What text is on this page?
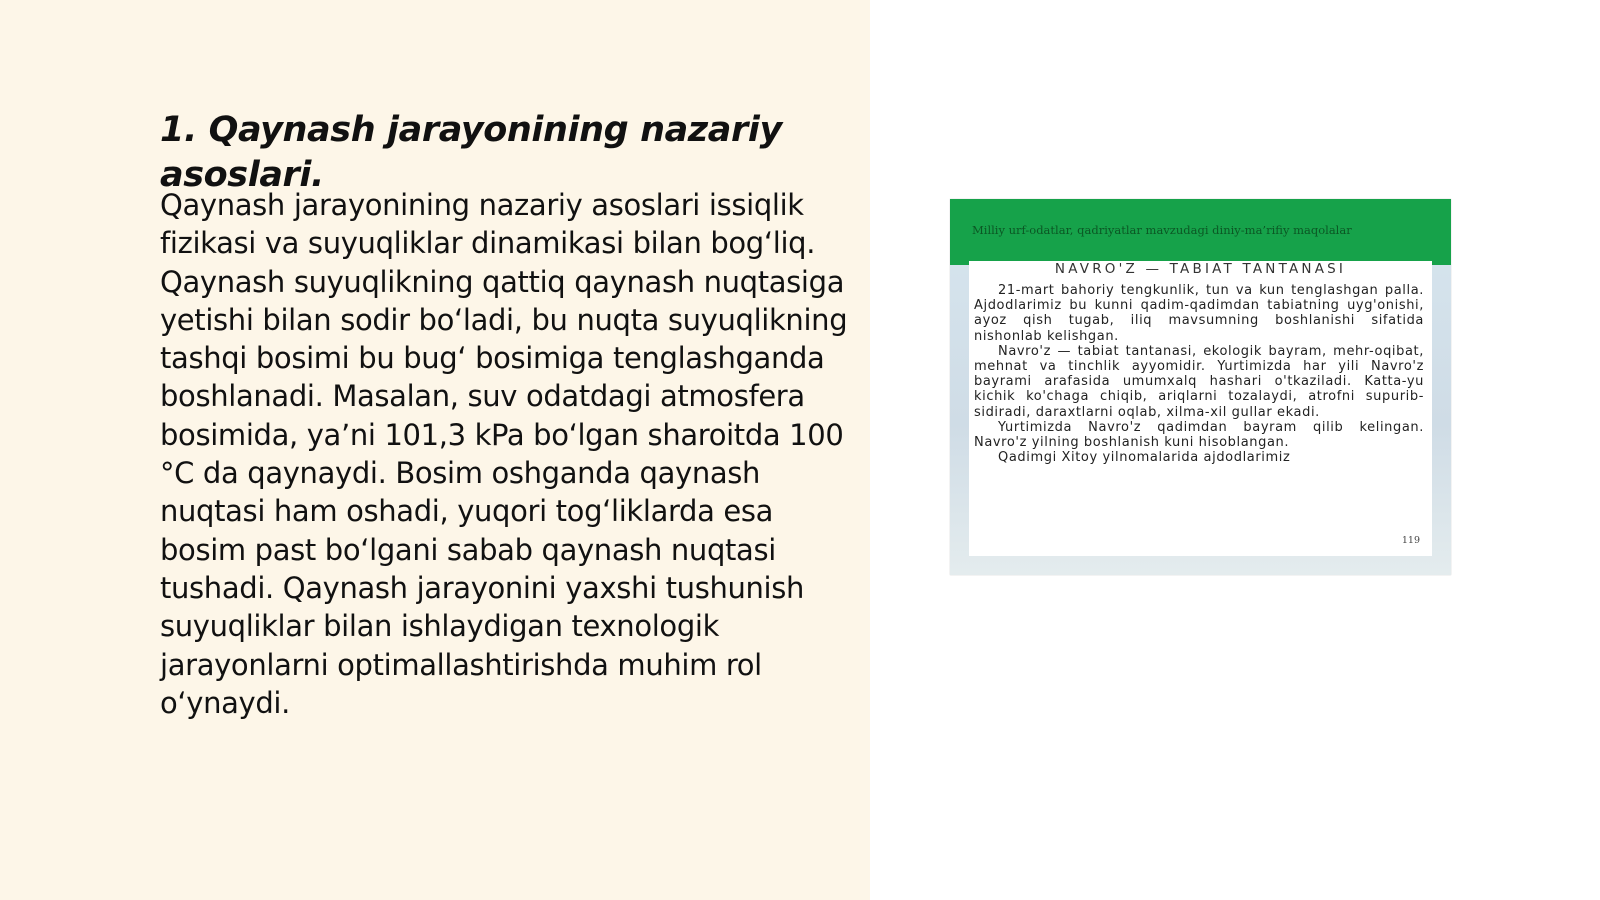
1. Qaynash jarayonining nazariy asoslari.

Qaynash jarayonining nazariy asoslari issiqlik fizikasi va suyuqliklar dinamikasi bilan bog‘liq. Qaynash suyuqlikning qattiq qaynash nuqtasiga yetishi bilan sodir bo‘ladi, bu nuqta suyuqlikning tashqi bosimi bu bug‘ bosimiga tenglashganda boshlanadi. Masalan, suv odatdagi atmosfera bosimida, ya’ni 101,3 kPa bo‘lgan sharoitda 100 °C da qaynaydi. Bosim oshganda qaynash nuqtasi ham oshadi, yuqori tog‘liklarda esa bosim past bo‘lgani sabab qaynash nuqtasi tushadi. Qaynash jarayonini yaxshi tushunish suyuqliklar bilan ishlaydigan texnologik jarayonlarni optimallashtirishda muhim rol o‘ynaydi.

Milliy urf-odatlar, qadriyatlar mavzudagi diniy-ma’rifiy maqolalar
NAVRO'Z — TABIAT TANTANASI

21-mart bahoriy tengkunlik, tun va kun tenglashgan palla. Ajdodlarimiz bu kunni qadim-qadimdan tabiatning uyg'onishi, ayoz qish tugab, iliq mavsumning boshlanishi sifatida nishonlab kelishgan.

Navro'z — tabiat tantanasi, ekologik bayram, mehr-oqibat, mehnat va tinchlik ayyomidir. Yurtimizda har yili Navro'z bayrami arafasida umumxalq hashari o'tkaziladi. Katta-yu kichik ko'chaga chiqib, ariqlarni tozalaydi, atrofni supurib-sidiradi, daraxtlarni oqlab, xilma-xil gullar ekadi.

Yurtimizda Navro'z qadimdan bayram qilib kelingan. Navro'z yilning boshlanish kuni hisoblangan.

Qadimgi Xitoy yilnomalarida ajdodlarimiz

119
